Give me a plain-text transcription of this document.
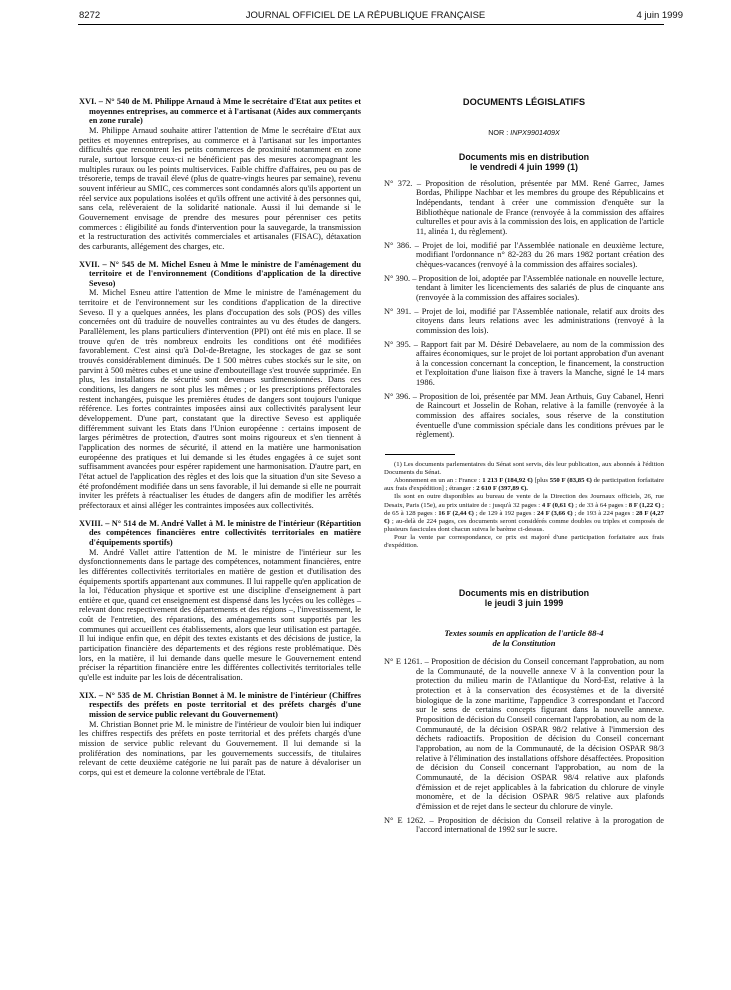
8272	JOURNAL OFFICIEL DE LA RÉPUBLIQUE FRANÇAISE	4 juin 1999

XVI. – N° 540 de M. Philippe Arnaud à Mme le secrétaire d'Etat aux petites et moyennes entreprises, au commerce et à l'artisanat (Aides aux commerçants en zone rurale)

M. Philippe Arnaud souhaite attirer l'attention de Mme le secrétaire d'Etat aux petites et moyennes entreprises, au commerce et à l'artisanat sur les importantes difficultés que rencontrent les petits commerces de proximité notamment en zone rurale, surtout lorsque ceux-ci ne bénéficient pas des mesures accompagnant les multiples ruraux ou les points multiservices. Faible chiffre d'affaires, peu ou pas de trésorerie, temps de travail élevé (plus de quatre-vingts heures par semaine), revenu souvent inférieur au SMIC, ces commerces sont condamnés alors qu'ils apportent un réel service aux populations isolées et qu'ils offrent une activité à des personnes qui, sans cela, relèveraient de la solidarité nationale. Aussi il lui demande si le Gouvernement envisage de prendre des mesures pour pérenniser ces petits commerces : éligibilité au fonds d'intervention pour la sauvegarde, la transmission et la restructuration des activités commerciales et artisanales (FISAC), détaxation des carburants, allégement des charges, etc.

XVII. – N° 545 de M. Michel Esneu à Mme le ministre de l'aménagement du territoire et de l'environnement (Conditions d'application de la directive Seveso)

M. Michel Esneu attire l'attention de Mme le ministre de l'aménagement du territoire et de l'environnement sur les conditions d'application de la directive Seveso. Il y a quelques années, les plans d'occupation des sols (POS) des villes concernées ont dû traduire de nouvelles contraintes au vu des études de dangers. Parallèlement, les plans particuliers d'intervention (PPI) ont été mis en place. Il se trouve qu'en de très nombreux endroits les conditions ont été modifiées favorablement. C'est ainsi qu'à Dol-de-Bretagne, les stockages de gaz se sont trouvés considérablement diminués. De 1 500 mètres cubes stockés sur le site, on parvint à 500 mètres cubes et une usine d'embouteillage s'est trouvée supprimée. En plus, les installations de sécurité sont devenues surdimensionnées. Dans ces conditions, les dangers ne sont plus les mêmes ; or les prescriptions préfectorales restent inchangées, puisque les premières études de dangers sont toujours l'unique référence. Les fortes contraintes imposées ainsi aux collectivités paralysent leur développement. D'une part, constatant que la directive Seveso est appliquée différemment suivant les Etats dans l'Union européenne : certains imposent de larges périmètres de protection, d'autres sont moins rigoureux et s'en tiennent à l'application des normes de sécurité, il attend en la matière une harmonisation européenne des pratiques et lui demande si les études engagées à ce sujet sont suffisamment avancées pour espérer rapidement une harmonisation. D'autre part, en l'état actuel de l'application des règles et des lois que la situation d'un site Seveso a été profondément modifiée dans un sens favorable, il lui demande si elle ne pourrait inviter les préfets à réactualiser les études de dangers afin de modifier les arrêtés préfectoraux et ainsi alléger les contraintes imposées aux collectivités.

XVIII. – N° 514 de M. André Vallet à M. le ministre de l'intérieur (Répartition des compétences financières entre collectivités territoriales en matière d'équipements sportifs)

M. André Vallet attire l'attention de M. le ministre de l'intérieur sur les dysfonctionnements dans le partage des compétences, notamment financières, entre les différentes collectivités territoriales en matière de gestion et d'utilisation des équipements sportifs appartenant aux communes. Il lui rappelle qu'en application de la loi, l'éducation physique et sportive est une discipline d'enseignement à part entière et que, quand cet enseignement est dispensé dans les lycées ou les collèges – relevant donc respectivement des départements et des régions –, l'investissement, le coût de l'entretien, des réparations, des aménagements sont supportés par les communes qui accueillent ces établissements, alors que leur utilisation est partagée. Il lui indique enfin que, en dépit des textes existants et des décisions de justice, la participation financière des départements et des régions reste problématique. Dès lors, en la matière, il lui demande dans quelle mesure le Gouvernement entend préciser la répartition financière entre les différentes collectivités territoriales telle qu'elle est induite par les lois de décentralisation.

XIX. – N° 535 de M. Christian Bonnet à M. le ministre de l'intérieur (Chiffres respectifs des préfets en poste territorial et des préfets chargés d'une mission de service public relevant du Gouvernement)

M. Christian Bonnet prie M. le ministre de l'intérieur de vouloir bien lui indiquer les chiffres respectifs des préfets en poste territorial et des préfets chargés d'une mission de service public relevant du Gouvernement. Il lui demande si la prolifération des nominations, par les gouvernements successifs, de titulaires relevant de cette deuxième catégorie ne lui paraît pas de nature à dévaloriser un corps, qui est et demeure la colonne vertébrale de l'Etat.

DOCUMENTS LÉGISLATIFS
NOR : INPX9901409X
Documents mis en distribution
le vendredi 4 juin 1999 (1)

N° 372. – Proposition de résolution, présentée par MM. René Garrec, James Bordas, Philippe Nachbar et les membres du groupe des Républicains et Indépendants, tendant à créer une commission d'enquête sur la Bibliothèque nationale de France (renvoyée à la commission des affaires culturelles et pour avis à la commission des lois, en application de l'article 11, alinéa 1, du règlement).

N° 386. – Projet de loi, modifié par l'Assemblée nationale en deuxième lecture, modifiant l'ordonnance n° 82-283 du 26 mars 1982 portant création des chèques-vacances (renvoyé à la commission des affaires sociales).

N° 390. – Proposition de loi, adoptée par l'Assemblée nationale en nouvelle lecture, tendant à limiter les licenciements des salariés de plus de cinquante ans (renvoyée à la commission des affaires sociales).

N° 391. – Projet de loi, modifié par l'Assemblée nationale, relatif aux droits des citoyens dans leurs relations avec les administrations (renvoyé à la commission des lois).

N° 395. – Rapport fait par M. Désiré Debavelaere, au nom de la commission des affaires économiques, sur le projet de loi portant approbation d'un avenant à la concession concernant la conception, le financement, la construction et l'exploitation d'une liaison fixe à travers la Manche, signé le 14 mars 1986.

N° 396. – Proposition de loi, présentée par MM. Jean Arthuis, Guy Cabanel, Henri de Raincourt et Josselin de Rohan, relative à la famille (renvoyée à la commission des affaires sociales, sous réserve de la constitution éventuelle d'une commission spéciale dans les conditions prévues par le règlement).

(1) Les documents parlementaires du Sénat sont servis, dès leur publication, aux abonnés à l'édition Documents du Sénat.

Abonnement en un an : France : 1 213 F (184,92 €) [plus 550 F (83,85 €) de participation forfaitaire aux frais d'expédition] ; étranger : 2 610 F (397,89 €).

Ils sont en outre disponibles au bureau de vente de la Direction des Journaux officiels, 26, rue Desaix, Paris (15e), au prix unitaire de : jusqu'à 32 pages : 4 F (0,61 €) ; de 33 à 64 pages : 8 F (1,22 €) ; de 65 à 128 pages : 16 F (2,44 €) ; de 129 à 192 pages : 24 F (3,66 €) ; de 193 à 224 pages : 28 F (4,27 €) ; au-delà de 224 pages, ces documents seront considérés comme doubles ou triples et composés de plusieurs fascicules dont chacun suivra le barème ci-dessus.

Pour la vente par correspondance, ce prix est majoré d'une participation forfaitaire aux frais d'expédition.

Documents mis en distribution
le jeudi 3 juin 1999
Textes soumis en application de l'article 88-4
de la Constitution

N° E 1261. – Proposition de décision du Conseil concernant l'approbation, au nom de la Communauté, de la nouvelle annexe V à la convention pour la protection du milieu marin de l'Atlantique du Nord-Est, relative à la protection et à la conservation des écosystèmes et de la diversité biologique de la zone maritime, l'appendice 3 correspondant et l'accord sur le sens de certains concepts figurant dans la nouvelle annexe. Proposition de décision du Conseil concernant l'approbation, au nom de la Communauté, de la décision OSPAR 98/2 relative à l'immersion des déchets radioactifs. Proposition de décision du Conseil concernant l'approbation, au nom de la Communauté, de la décision OSPAR 98/3 relative à l'élimination des installations offshore désaffectées. Proposition de décision du Conseil concernant l'approbation, au nom de la Communauté, de la décision OSPAR 98/4 relative aux plafonds d'émission et de rejet applicables à la fabrication du chlorure de vinyle monomère, et de la décision OSPAR 98/5 relative aux plafonds d'émission et de rejet dans le secteur du chlorure de vinyle.

N° E 1262. – Proposition de décision du Conseil relative à la prorogation de l'accord international de 1992 sur le sucre.
